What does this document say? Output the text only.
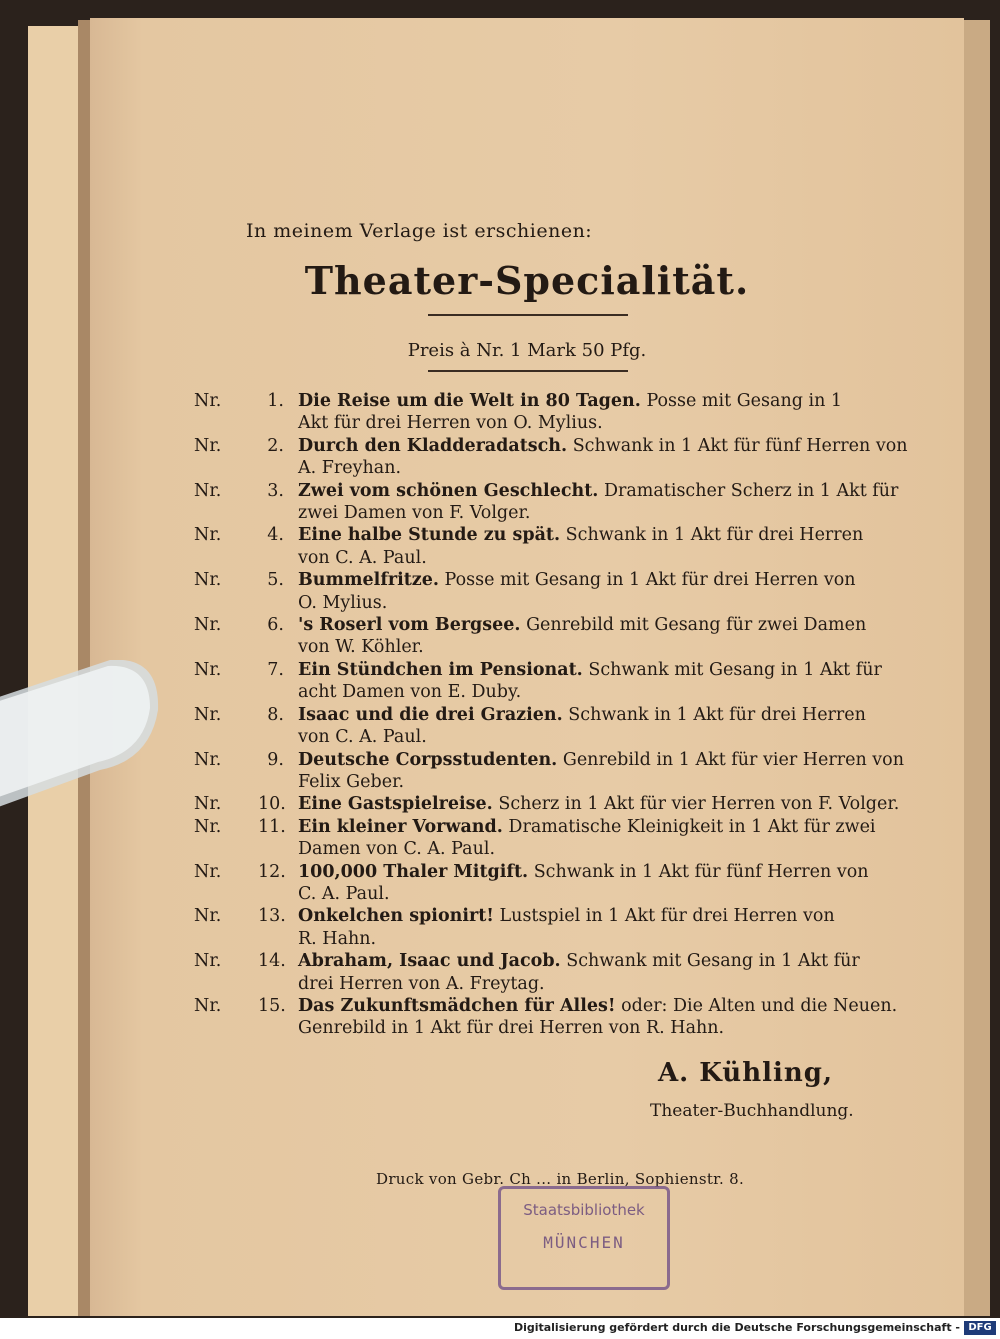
In meinem Verlage ist erschienen:
Theater-Specialität.
Preis à Nr. 1 Mark 50 Pfg.
Nr.	1. Die Reise um die Welt in 80 Tagen. Posse mit Gesang in 1
Akt für drei Herren von O. Mylius.
Nr.	2. Durch den Kladderadatsch. Schwank in 1 Akt für fünf Herren von
A. Freyhan.
Nr.	3. Zwei vom schönen Geschlecht. Dramatischer Scherz in 1 Akt für
zwei Damen von F. Volger.
Nr.	4. Eine halbe Stunde zu spät. Schwank in 1 Akt für drei Herren
von C. A. Paul.
Nr.	5. Bummelfritze. Posse mit Gesang in 1 Akt für drei Herren von
O. Mylius.
Nr.	6. 's Roserl vom Bergsee. Genrebild mit Gesang für zwei Damen
von W. Köhler.
Nr.	7. Ein Stündchen im Pensionat. Schwank mit Gesang in 1 Akt für
acht Damen von E. Duby.
Nr.	8. Isaac und die drei Grazien. Schwank in 1 Akt für drei Herren
von C. A. Paul.
Nr.	9. Deutsche Corpsstudenten. Genrebild in 1 Akt für vier Herren von
Felix Geber.
Nr.	10. Eine Gastspielreise. Scherz in 1 Akt für vier Herren von F. Volger.
Nr.	11. Ein kleiner Vorwand. Dramatische Kleinigkeit in 1 Akt für zwei
Damen von C. A. Paul.
Nr.	12. 100,000 Thaler Mitgift. Schwank in 1 Akt für fünf Herren von
C. A. Paul.
Nr.	13. Onkelchen spionirt! Lustspiel in 1 Akt für drei Herren von
R. Hahn.
Nr.	14. Abraham, Isaac und Jacob. Schwank mit Gesang in 1 Akt für
drei Herren von A. Freytag.
Nr.	15. Das Zukunftsmädchen für Alles! oder: Die Alten und die Neuen.
Genrebild in 1 Akt für drei Herren von R. Hahn.
A. Kühling,
Theater-Buchhandlung.
Druck von Gebr. Ch ... in Berlin, Sophienstr. 8.
Staatsbibliothek
MÜNCHEN
Digitalisierung gefördert durch die Deutsche Forschungsgemeinschaft - DFG
